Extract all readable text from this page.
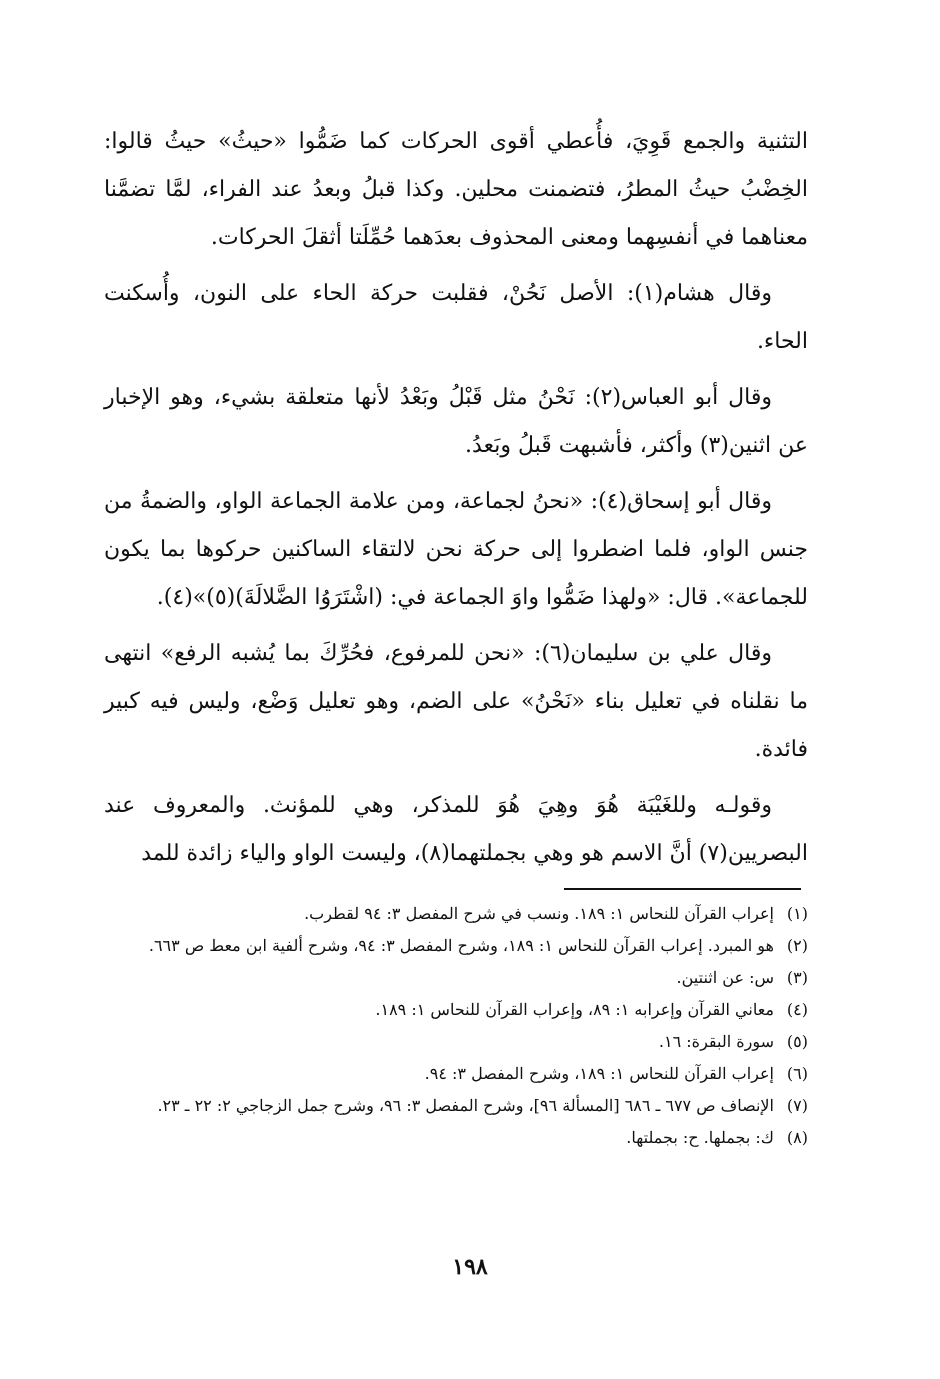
التثنية والجمع قَوِيَ، فأُعطي أقوى الحركات كما ضَمُّوا «حيثُ» حيثُ قالوا: الخِضْبُ حيثُ المطرُ، فتضمنت محلين. وكذا قبلُ وبعدُ عند الفراء، لمَّا تضمَّنا معناهما في أنفسِهما ومعنى المحذوف بعدَهما حُمِّلَتا أثقلَ الحركات.

وقال هشام(١): الأصل نَحُنْ، فقلبت حركة الحاء على النون، وأُسكنت الحاء.

وقال أبو العباس(٢): نَحْنُ مثل قَبْلُ وبَعْدُ لأنها متعلقة بشيء، وهو الإخبار عن اثنين(٣) وأكثر، فأشبهت قَبلُ وبَعدُ.

وقال أبو إسحاق(٤): «نحنُ لجماعة، ومن علامة الجماعة الواو، والضمةُ من جنس الواو، فلما اضطروا إلى حركة نحن لالتقاء الساكنين حركوها بما يكون للجماعة». قال: «ولهذا ضَمُّوا واوَ الجماعة في: (اشْتَرَوُا الضَّلالَةَ)(٥)»(٤).

وقال علي بن سليمان(٦): «نحن للمرفوع، فحُرِّكَ بما يُشبه الرفع» انتهى ما نقلناه في تعليل بناء «نَحْنُ» على الضم، وهو تعليل وَضْع، وليس فيه كبير فائدة.

وقولـه وللغَيْبَة هُوَ وهِيَ هُوَ للمذكر، وهي للمؤنث. والمعروف عند البصريين(٧) أنَّ الاسم هو وهي بجملتهما(٨)، وليست الواو والياء زائدة للمد

(١)
إعراب القرآن للنحاس ١: ١٨٩. ونسب في شرح المفصل ٣: ٩٤ لقطرب.

(٢)
هو المبرد. إعراب القرآن للنحاس ١: ١٨٩، وشرح المفصل ٣: ٩٤، وشرح ألفية ابن معط ص ٦٦٣.

(٣)
س: عن اثنتين.

(٤)
معاني القرآن وإعرابه ١: ٨٩، وإعراب القرآن للنحاس ١: ١٨٩.

(٥)
سورة البقرة: ١٦.

(٦)
إعراب القرآن للنحاس ١: ١٨٩، وشرح المفصل ٣: ٩٤.

(٧)
الإنصاف ص ٦٧٧ ـ ٦٨٦ [المسألة ٩٦]، وشرح المفصل ٣: ٩٦، وشرح جمل الزجاجي ٢: ٢٢ ـ ٢٣.

(٨)
ك: بجملها. ح: بجملتها.

١٩٨
